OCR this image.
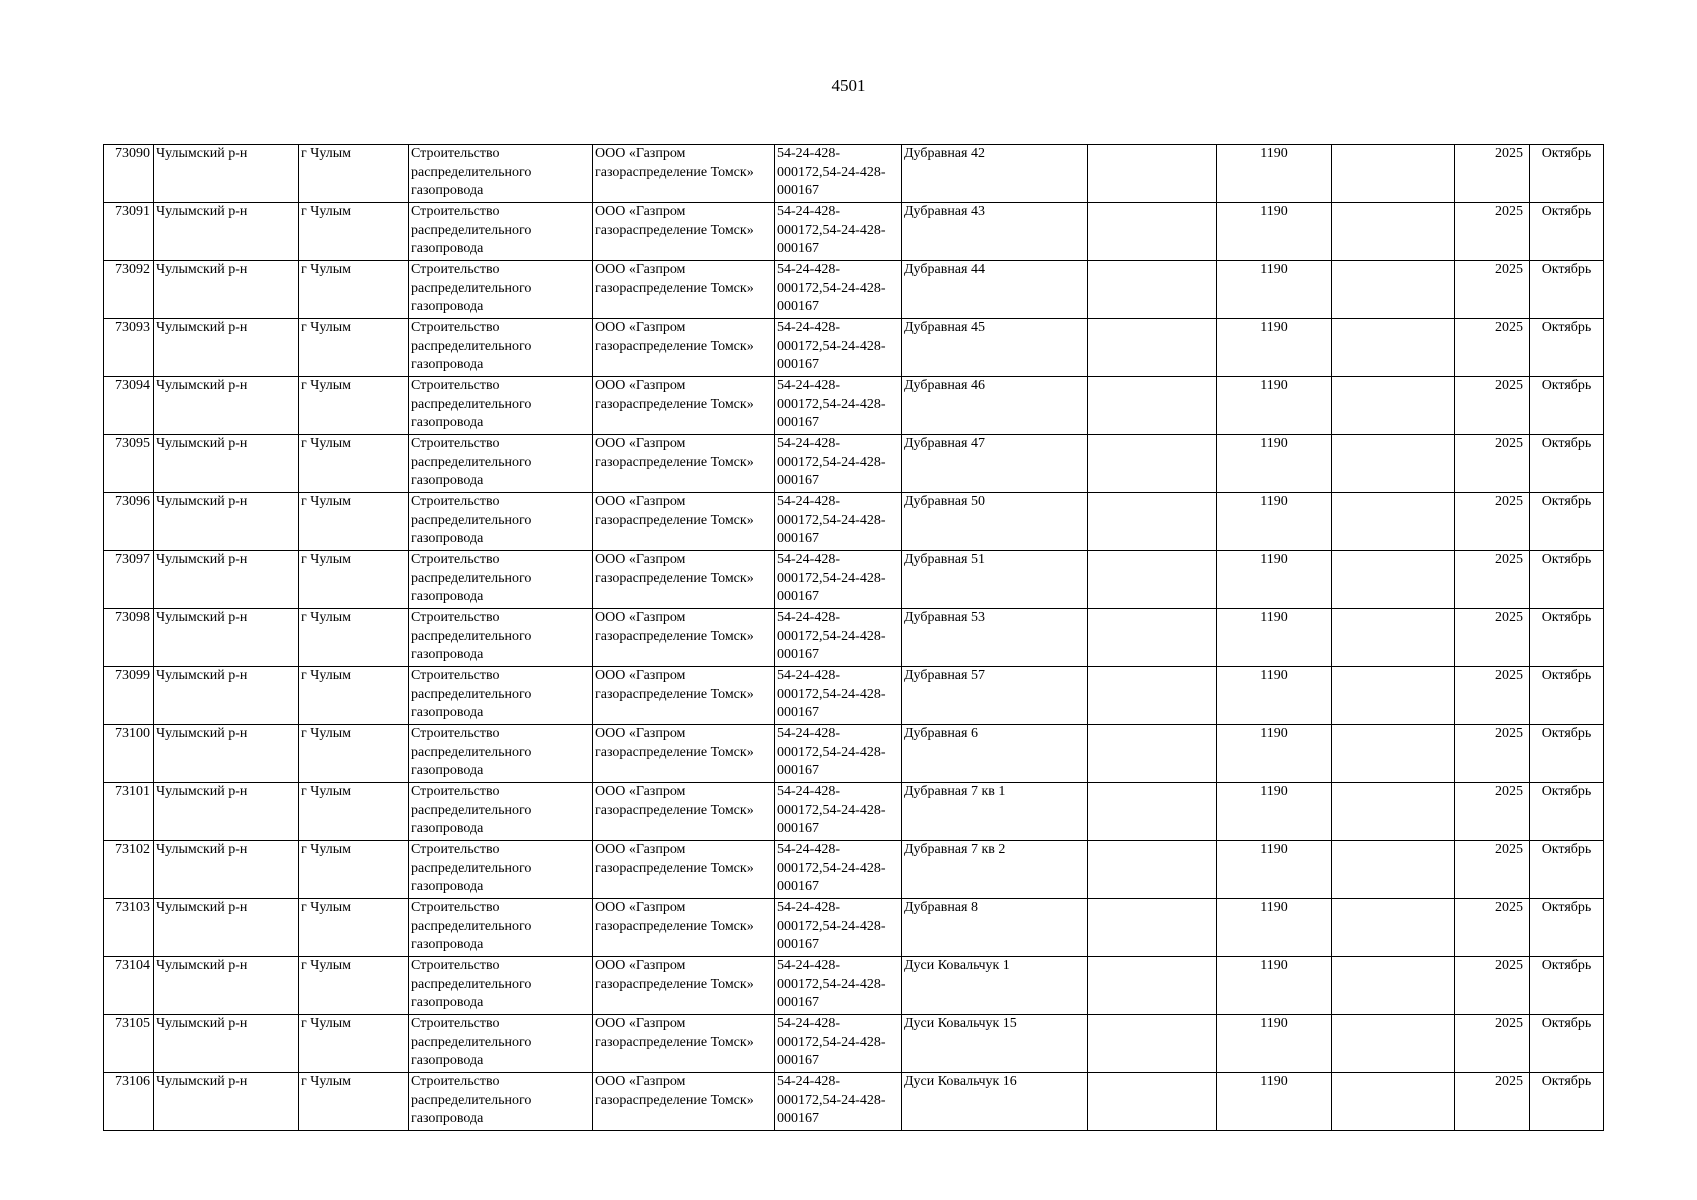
4501
73090	Чулымский р-н	г Чулым	Строительство
распределительного
газопровода	ООО «Газпром
газораспределение Томск»	54-24-428-
000172,54-24-428-
000167	Дубравная 42		1190		2025	Октябрь
73091	Чулымский р-н	г Чулым	Строительство
распределительного
газопровода	ООО «Газпром
газораспределение Томск»	54-24-428-
000172,54-24-428-
000167	Дубравная 43		1190		2025	Октябрь
73092	Чулымский р-н	г Чулым	Строительство
распределительного
газопровода	ООО «Газпром
газораспределение Томск»	54-24-428-
000172,54-24-428-
000167	Дубравная 44		1190		2025	Октябрь
73093	Чулымский р-н	г Чулым	Строительство
распределительного
газопровода	ООО «Газпром
газораспределение Томск»	54-24-428-
000172,54-24-428-
000167	Дубравная 45		1190		2025	Октябрь
73094	Чулымский р-н	г Чулым	Строительство
распределительного
газопровода	ООО «Газпром
газораспределение Томск»	54-24-428-
000172,54-24-428-
000167	Дубравная 46		1190		2025	Октябрь
73095	Чулымский р-н	г Чулым	Строительство
распределительного
газопровода	ООО «Газпром
газораспределение Томск»	54-24-428-
000172,54-24-428-
000167	Дубравная 47		1190		2025	Октябрь
73096	Чулымский р-н	г Чулым	Строительство
распределительного
газопровода	ООО «Газпром
газораспределение Томск»	54-24-428-
000172,54-24-428-
000167	Дубравная 50		1190		2025	Октябрь
73097	Чулымский р-н	г Чулым	Строительство
распределительного
газопровода	ООО «Газпром
газораспределение Томск»	54-24-428-
000172,54-24-428-
000167	Дубравная 51		1190		2025	Октябрь
73098	Чулымский р-н	г Чулым	Строительство
распределительного
газопровода	ООО «Газпром
газораспределение Томск»	54-24-428-
000172,54-24-428-
000167	Дубравная 53		1190		2025	Октябрь
73099	Чулымский р-н	г Чулым	Строительство
распределительного
газопровода	ООО «Газпром
газораспределение Томск»	54-24-428-
000172,54-24-428-
000167	Дубравная 57		1190		2025	Октябрь
73100	Чулымский р-н	г Чулым	Строительство
распределительного
газопровода	ООО «Газпром
газораспределение Томск»	54-24-428-
000172,54-24-428-
000167	Дубравная 6		1190		2025	Октябрь
73101	Чулымский р-н	г Чулым	Строительство
распределительного
газопровода	ООО «Газпром
газораспределение Томск»	54-24-428-
000172,54-24-428-
000167	Дубравная 7 кв 1		1190		2025	Октябрь
73102	Чулымский р-н	г Чулым	Строительство
распределительного
газопровода	ООО «Газпром
газораспределение Томск»	54-24-428-
000172,54-24-428-
000167	Дубравная 7 кв 2		1190		2025	Октябрь
73103	Чулымский р-н	г Чулым	Строительство
распределительного
газопровода	ООО «Газпром
газораспределение Томск»	54-24-428-
000172,54-24-428-
000167	Дубравная 8		1190		2025	Октябрь
73104	Чулымский р-н	г Чулым	Строительство
распределительного
газопровода	ООО «Газпром
газораспределение Томск»	54-24-428-
000172,54-24-428-
000167	Дуси Ковальчук 1		1190		2025	Октябрь
73105	Чулымский р-н	г Чулым	Строительство
распределительного
газопровода	ООО «Газпром
газораспределение Томск»	54-24-428-
000172,54-24-428-
000167	Дуси Ковальчук 15		1190		2025	Октябрь
73106	Чулымский р-н	г Чулым	Строительство
распределительного
газопровода	ООО «Газпром
газораспределение Томск»	54-24-428-
000172,54-24-428-
000167	Дуси Ковальчук 16		1190		2025	Октябрь
